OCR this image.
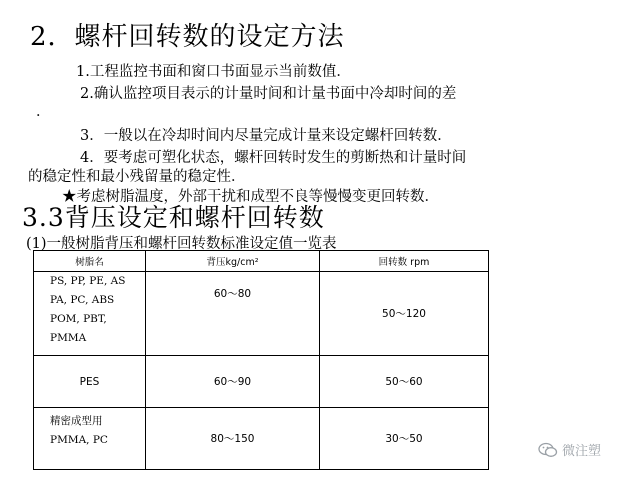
2．螺杆回转数的设定方法
1.工程监控书面和窗口书面显示当前数值．
2.确认监控项目表示的计量时间和计量书面中冷却时间的差
．
3．一般以在冷却时间内尽量完成计量来设定螺杆回转数．
4．要考虑可塑化状态，螺杆回转时发生的剪断热和计量时间
的稳定性和最小残留量的稳定性．
★考虑树脂温度，外部干扰和成型不良等慢慢变更回转数．
3.3背压设定和螺杆回转数
(1)一般树脂背压和螺杆回转数标准设定值一览表
树脂名	背压kg/cm²	回转数 rpm

PS, PP, PE, AS
PA, PC, ABS
POM, PBT,
PMMA	60～80	50～120
PES	60～90	50～60

精密成型用
PMMA, PC	80～150	30～50
微注塑
